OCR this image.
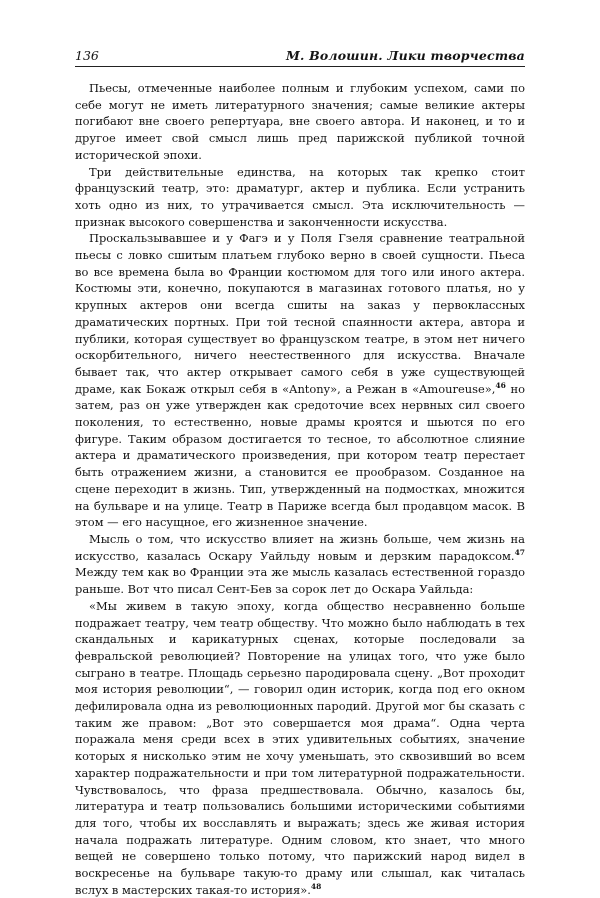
136	М. Волошин. Лики творчества

Пьесы, отмеченные наиболее полным и глубоким успехом, сами по себе могут не иметь литературного значения; самые великие актеры погибают вне своего репертуара, вне своего автора. И наконец, и то и другое имеет свой смысл лишь пред парижской публикой точной исторической эпохи.

Три действительные единства, на которых так крепко стоит французский театр, это: драматург, актер и публика. Если устранить хоть одно из них, то утрачивается смысл. Эта исключительность — признак высокого совершенства и законченности искусства.

Проскальзывавшее и у Фагэ и у Поля Гзеля сравнение театральной пьесы с ловко сшитым платьем глубоко верно в своей сущности. Пьеса во все времена была во Франции костюмом для того или иного актера. Костюмы эти, конечно, покупаются в магазинах готового платья, но у крупных актеров они всегда сшиты на заказ у первоклассных драматических портных. При той тесной спаянности актера, автора и публики, которая существует во французском театре, в этом нет ничего оскорбительного, ничего неестественного для искусства. Вначале бывает так, что актер открывает самого себя в уже существующей драме, как Бокаж открыл себя в «Antony», а Режан в «Amoureuse»,$^{46}$ но затем, раз он уже утвержден как средоточие всех нервных сил своего поколения, то естественно, новые драмы кроятся и шьются по его фигуре. Таким образом достигается то тесное, то абсолютное слияние актера и драматического произведения, при котором театр перестает быть отражением жизни, а становится ее прообразом. Созданное на сцене переходит в жизнь. Тип, утвержденный на подмостках, множится на бульваре и на улице. Театр в Париже всегда был продавцом масок. В этом — его насущное, его жизненное значение.

Мысль о том, что искусство влияет на жизнь больше, чем жизнь на искусство, казалась Оскару Уайльду новым и дерзким парадоксом.$^{47}$ Между тем как во Франции эта же мысль казалась естественной гораздо раньше. Вот что писал Сент-Бев за сорок лет до Оскара Уайльда:

«Мы живем в такую эпоху, когда общество несравненно больше подражает театру, чем театр обществу. Что можно было наблюдать в тех скандальных и карикатурных сценах, которые последовали за февральской революцией? Повторение на улицах того, что уже было сыграно в театре. Площадь серьезно пародировала сцену. „Вот проходит моя история революции“, — говорил один историк, когда под его окном дефилировала одна из революционных пародий. Другой мог бы сказать с таким же правом: „Вот это совершается моя драма“. Одна черта поражала меня среди всех в этих удивительных событиях, значение которых я нисколько этим не хочу уменьшать, это сквозивший во всем характер подражательности и при том литературной подражательности. Чувствовалось, что фраза предшествовала. Обычно, казалось бы, литература и театр пользовались большими историческими событиями для того, чтобы их восславлять и выражать; здесь же живая история начала подражать литературе. Одним словом, кто знает, что много вещей не совершено только потому, что парижский народ видел в воскресенье на бульваре такую-то драму или слышал, как читалась вслух в мастерских такая-то история».$^{48}$
